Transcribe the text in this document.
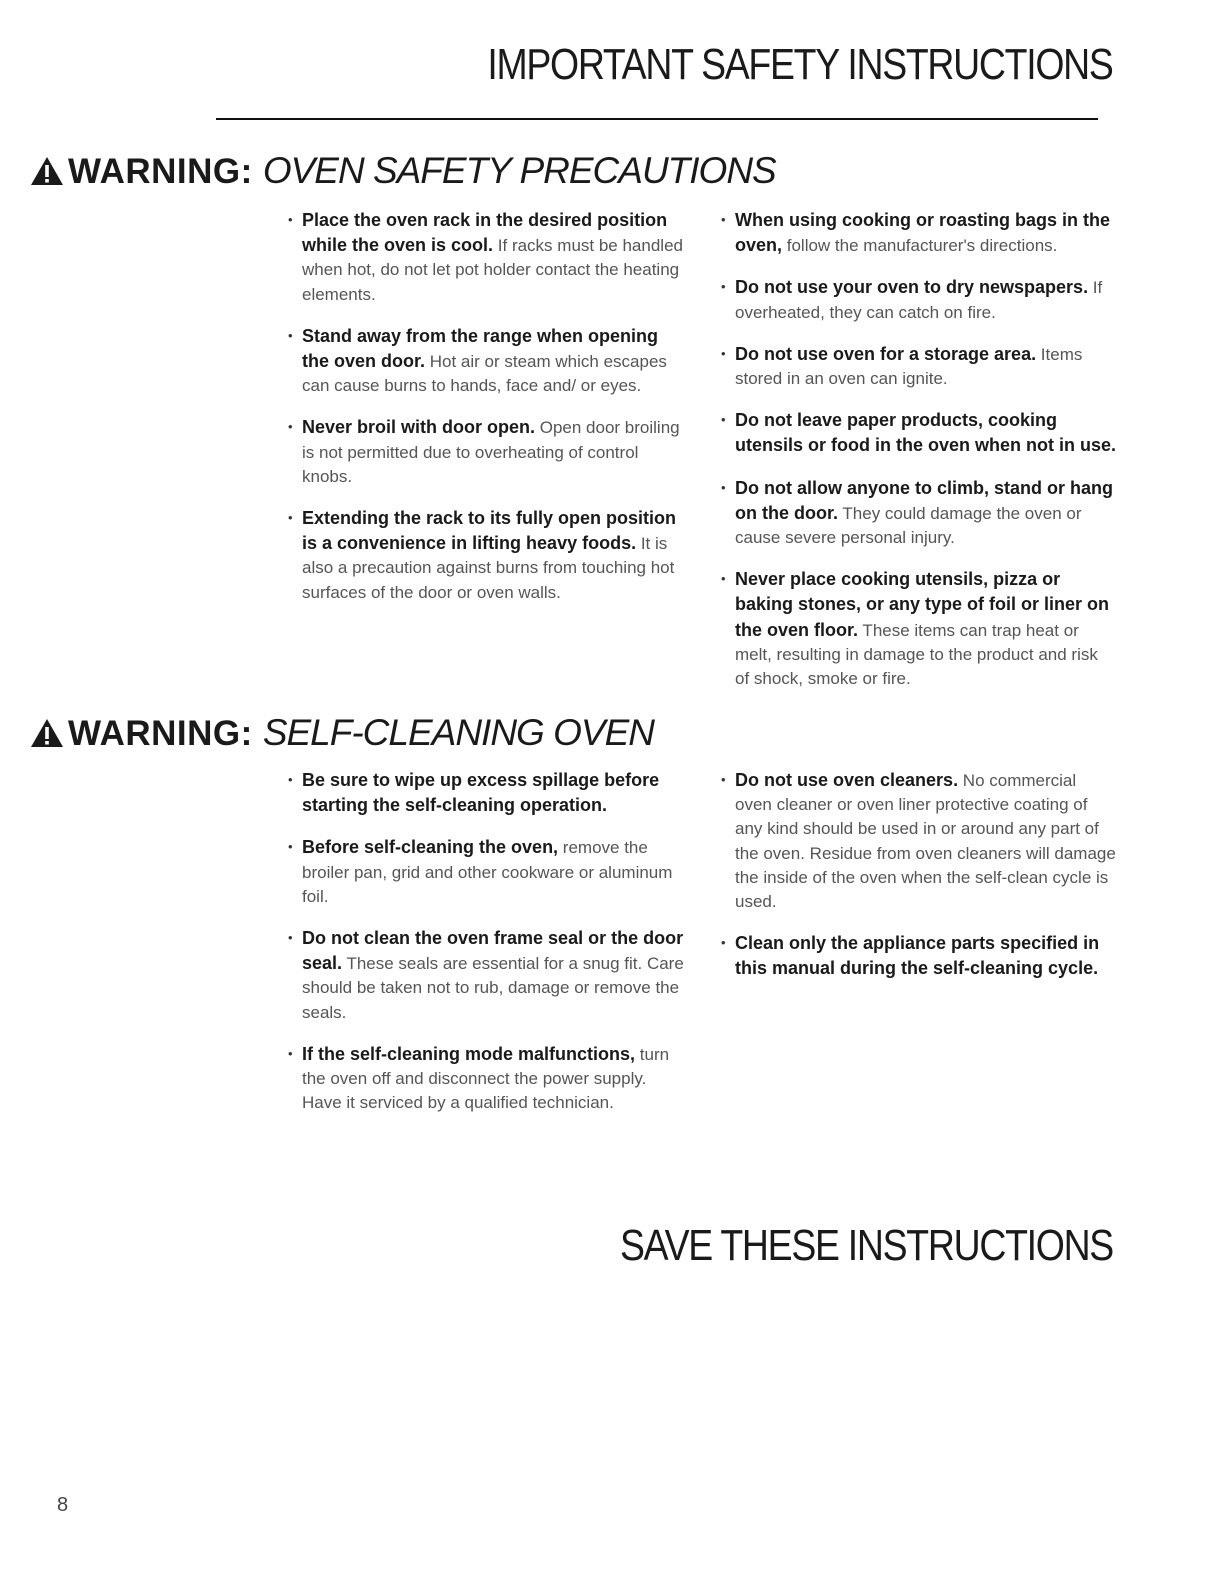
IMPORTANT SAFETY INSTRUCTIONS
WARNING: OVEN SAFETY PRECAUTIONS
• Place the oven rack in the desired position while the oven is cool. If racks must be handled when hot, do not let pot holder contact the heating elements.
• Stand away from the range when opening the oven door. Hot air or steam which escapes can cause burns to hands, face and/ or eyes.
• Never broil with door open. Open door broiling is not permitted due to overheating of control knobs.
• Extending the rack to its fully open position is a convenience in lifting heavy foods. It is also a precaution against burns from touching hot surfaces of the door or oven walls.
• When using cooking or roasting bags in the oven, follow the manufacturer's directions.
• Do not use your oven to dry newspapers. If overheated, they can catch on fire.
• Do not use oven for a storage area. Items stored in an oven can ignite.
• Do not leave paper products, cooking utensils or food in the oven when not in use.
• Do not allow anyone to climb, stand or hang on the door. They could damage the oven or cause severe personal injury.
• Never place cooking utensils, pizza or baking stones, or any type of foil or liner on the oven floor. These items can trap heat or melt, resulting in damage to the product and risk of shock, smoke or fire.
WARNING: SELF-CLEANING OVEN
• Be sure to wipe up excess spillage before starting the self-cleaning operation.
• Before self-cleaning the oven, remove the broiler pan, grid and other cookware or aluminum foil.
• Do not clean the oven frame seal or the door seal. These seals are essential for a snug fit. Care should be taken not to rub, damage or remove the seals.
• If the self-cleaning mode malfunctions, turn the oven off and disconnect the power supply. Have it serviced by a qualified technician.
• Do not use oven cleaners. No commercial oven cleaner or oven liner protective coating of any kind should be used in or around any part of the oven. Residue from oven cleaners will damage the inside of the oven when the self-clean cycle is used.
• Clean only the appliance parts specified in this manual during the self-cleaning cycle.
SAVE THESE INSTRUCTIONS
8
